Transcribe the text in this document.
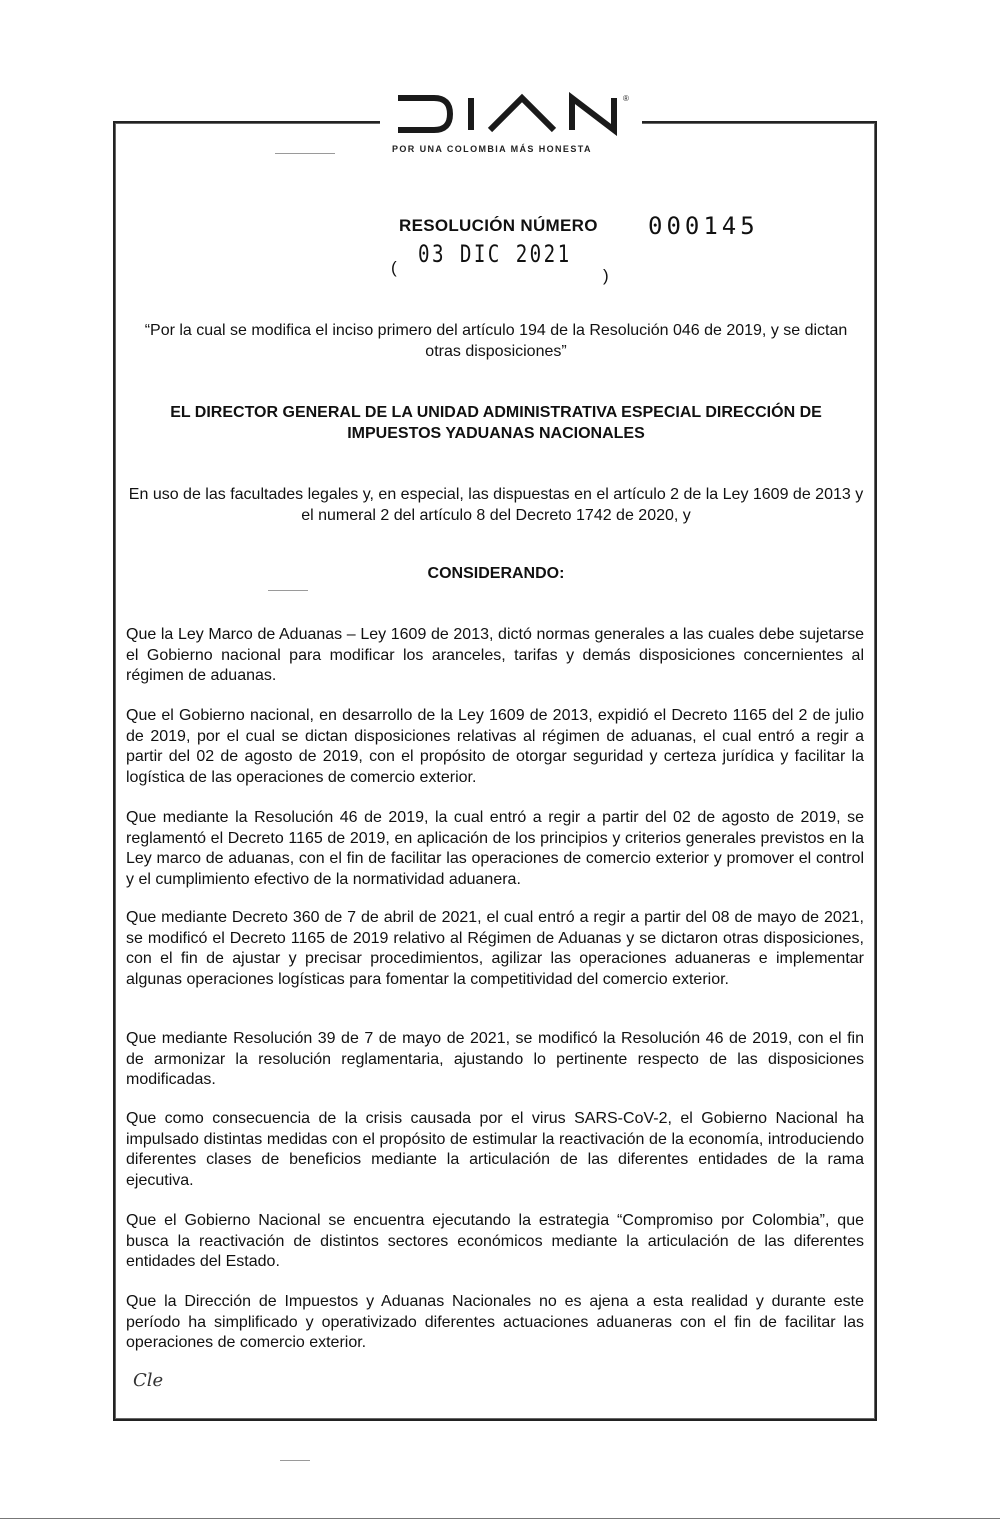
®
POR UNA COLOMBIA MÁS HONESTA
RESOLUCIÓN NÚMERO 000145
( 03 DIC 2021
)
“Por la cual se modifica el inciso primero del artículo 194 de la Resolución 046 de 2019, y se dictan otras disposiciones”
EL DIRECTOR GENERAL DE LA UNIDAD ADMINISTRATIVA ESPECIAL DIRECCIÓN DE IMPUESTOS YADUANAS NACIONALES
En uso de las facultades legales y, en especial, las dispuestas en el artículo 2 de la Ley 1609 de 2013 y el numeral 2 del artículo 8 del Decreto 1742 de 2020, y
CONSIDERANDO:
Que la Ley Marco de Aduanas – Ley 1609 de 2013, dictó normas generales a las cuales debe sujetarse el Gobierno nacional para modificar los aranceles, tarifas y demás disposiciones concernientes al régimen de aduanas.
Que el Gobierno nacional, en desarrollo de la Ley 1609 de 2013, expidió el Decreto 1165 del 2 de julio de 2019, por el cual se dictan disposiciones relativas al régimen de aduanas, el cual entró a regir a partir del 02 de agosto de 2019, con el propósito de otorgar seguridad y certeza jurídica y facilitar la logística de las operaciones de comercio exterior.
Que mediante la Resolución 46 de 2019, la cual entró a regir a partir del 02 de agosto de 2019, se reglamentó el Decreto 1165 de 2019, en aplicación de los principios y criterios generales previstos en la Ley marco de aduanas, con el fin de facilitar las operaciones de comercio exterior y promover el control y el cumplimiento efectivo de la normatividad aduanera.
Que mediante Decreto 360 de 7 de abril de 2021, el cual entró a regir a partir del 08 de mayo de 2021, se modificó el Decreto 1165 de 2019 relativo al Régimen de Aduanas y se dictaron otras disposiciones, con el fin de ajustar y precisar procedimientos, agilizar las operaciones aduaneras e implementar algunas operaciones logísticas para fomentar la competitividad del comercio exterior.
Que mediante Resolución 39 de 7 de mayo de 2021, se modificó la Resolución 46 de 2019, con el fin de armonizar la resolución reglamentaria, ajustando lo pertinente respecto de las disposiciones modificadas.
Que como consecuencia de la crisis causada por el virus SARS-CoV-2, el Gobierno Nacional ha impulsado distintas medidas con el propósito de estimular la reactivación de la economía, introduciendo diferentes clases de beneficios mediante la articulación de las diferentes entidades de la rama ejecutiva.
Que el Gobierno Nacional se encuentra ejecutando la estrategia “Compromiso por Colombia”, que busca la reactivación de distintos sectores económicos mediante la articulación de las diferentes entidades del Estado.
Que la Dirección de Impuestos y Aduanas Nacionales no es ajena a esta realidad y durante este período ha simplificado y operativizado diferentes actuaciones aduaneras con el fin de facilitar las operaciones de comercio exterior.
Cle
